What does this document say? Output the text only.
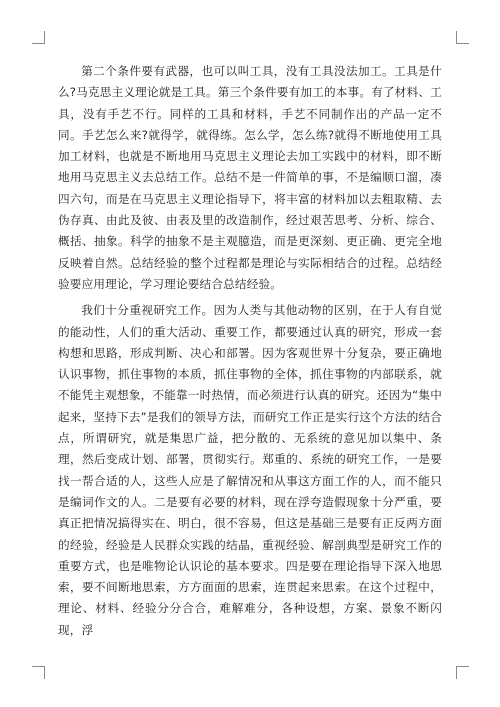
第二个条件要有武器，也可以叫工具，没有工具没法加工。工具是什么?马克思主义理论就是工具。第三个条件要有加工的本事。有了材料、工具，没有手艺不行。同样的工具和材料，手艺不同制作出的产品一定不同。手艺怎么来?就得学，就得练。怎么学，怎么练?就得不断地使用工具加工材料，也就是不断地用马克思主义理论去加工实践中的材料，即不断地用马克思主义去总结工作。总结不是一件简单的事，不是编顺口溜，凑四六句，而是在马克思主义理论指导下，将丰富的材料加以去粗取精、去伪存真、由此及彼、由表及里的改造制作，经过艰苦思考、分析、综合、概括、抽象。科学的抽象不是主观臆造，而是更深刻、更正确、更完全地反映着自然。总结经验的整个过程都是理论与实际相结合的过程。总结经验要应用理论，学习理论要结合总结经验。

我们十分重视研究工作。因为人类与其他动物的区别，在于人有自觉的能动性，人们的重大活动、重要工作，都要通过认真的研究，形成一套构想和思路，形成判断、决心和部署。因为客观世界十分复杂，要正确地认识事物，抓住事物的本质，抓住事物的全体，抓住事物的内部联系，就不能凭主观想象，不能靠一时热情，而必须进行认真的研究。还因为“集中起来，坚持下去”是我们的领导方法，而研究工作正是实行这个方法的结合点，所谓研究，就是集思广益，把分散的、无系统的意见加以集中、条理，然后变成计划、部署，贯彻实行。郑重的、系统的研究工作，一是要找一帮合适的人，这些人应是了解情况和从事这方面工作的人，而不能只是编词作文的人。二是要有必要的材料，现在浮夸造假现象十分严重，要真正把情况搞得实在、明白，很不容易，但这是基础三是要有正反两方面的经验，经验是人民群众实践的结晶，重视经验、解剖典型是研究工作的重要方式，也是唯物论认识论的基本要求。四是要在理论指导下深入地思索，要不间断地思索，方方面面的思索，连贯起来思索。在这个过程中，理论、材料、经验分分合合，难解难分，各种设想，方案、景象不断闪现，浮
